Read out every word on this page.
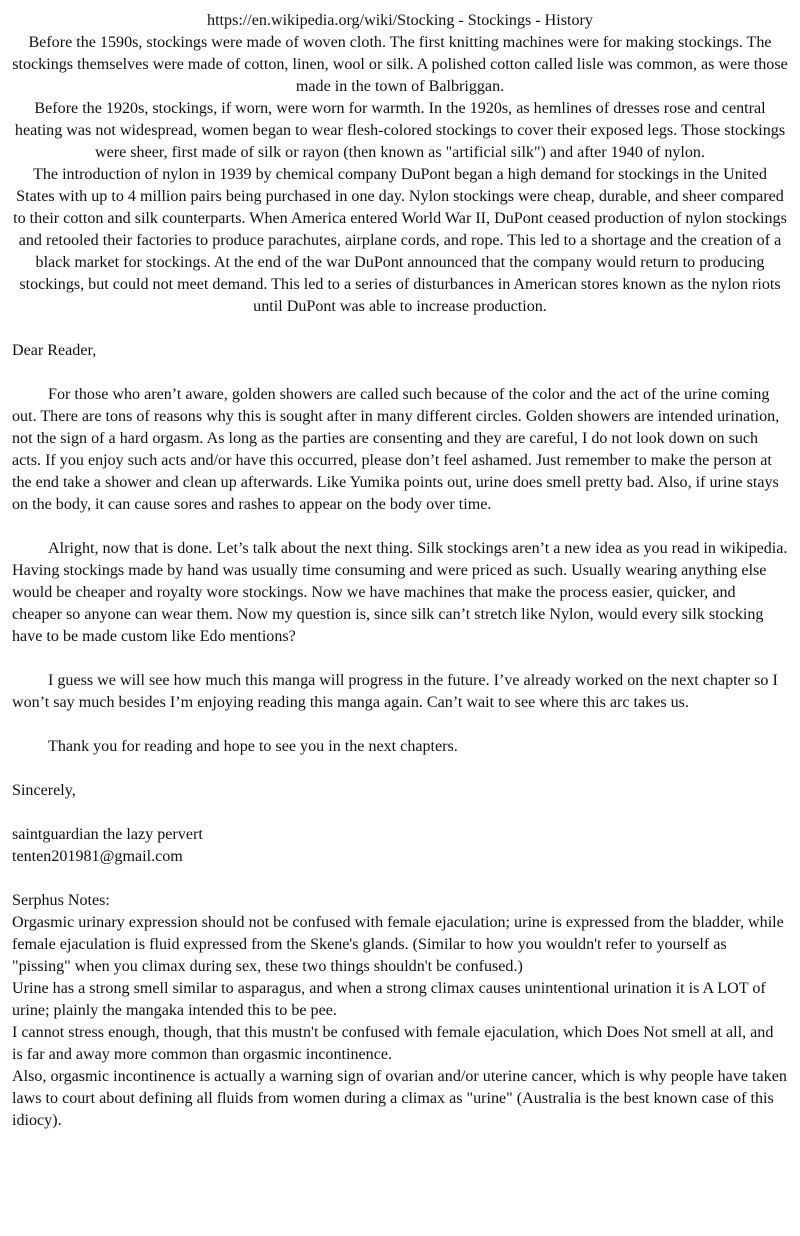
https://en.wikipedia.org/wiki/Stocking - Stockings - History

Before the 1590s, stockings were made of woven cloth. The first knitting machines were for making stockings. The stockings themselves were made of cotton, linen, wool or silk. A polished cotton called lisle was common, as were those made in the town of Balbriggan.

Before the 1920s, stockings, if worn, were worn for warmth. In the 1920s, as hemlines of dresses rose and central heating was not widespread, women began to wear flesh-colored stockings to cover their exposed legs. Those stockings were sheer, first made of silk or rayon (then known as "artificial silk") and after 1940 of nylon.

The introduction of nylon in 1939 by chemical company DuPont began a high demand for stockings in the United States with up to 4 million pairs being purchased in one day. Nylon stockings were cheap, durable, and sheer compared to their cotton and silk counterparts. When America entered World War II, DuPont ceased production of nylon stockings and retooled their factories to produce parachutes, airplane cords, and rope. This led to a shortage and the creation of a black market for stockings. At the end of the war DuPont announced that the company would return to producing stockings, but could not meet demand. This led to a series of disturbances in American stores known as the nylon riots until DuPont was able to increase production.

Dear Reader,

For those who aren’t aware, golden showers are called such because of the color and the act of the urine coming out. There are tons of reasons why this is sought after in many different circles. Golden showers are intended urination, not the sign of a hard orgasm. As long as the parties are consenting and they are careful, I do not look down on such acts. If you enjoy such acts and/or have this occurred, please don’t feel ashamed. Just remember to make the person at the end take a shower and clean up afterwards. Like Yumika points out, urine does smell pretty bad. Also, if urine stays on the body, it can cause sores and rashes to appear on the body over time.

Alright, now that is done. Let’s talk about the next thing. Silk stockings aren’t a new idea as you read in wikipedia. Having stockings made by hand was usually time consuming and were priced as such. Usually wearing anything else would be cheaper and royalty wore stockings. Now we have machines that make the process easier, quicker, and cheaper so anyone can wear them. Now my question is, since silk can’t stretch like Nylon, would every silk stocking have to be made custom like Edo mentions?

I guess we will see how much this manga will progress in the future. I’ve already worked on the next chapter so I won’t say much besides I’m enjoying reading this manga again. Can’t wait to see where this arc takes us.

Thank you for reading and hope to see you in the next chapters.

Sincerely,

saintguardian the lazy pervert

tenten201981@gmail.com

Serphus Notes:

Orgasmic urinary expression should not be confused with female ejaculation; urine is expressed from the bladder, while female ejaculation is fluid expressed from the Skene's glands. (Similar to how you wouldn't refer to yourself as "pissing" when you climax during sex, these two things shouldn't be confused.)

Urine has a strong smell similar to asparagus, and when a strong climax causes unintentional urination it is A LOT of urine; plainly the mangaka intended this to be pee.

I cannot stress enough, though, that this mustn't be confused with female ejaculation, which Does Not smell at all, and is far and away more common than orgasmic incontinence.

Also, orgasmic incontinence is actually a warning sign of ovarian and/or uterine cancer, which is why people have taken laws to court about defining all fluids from women during a climax as "urine" (Australia is the best known case of this idiocy).
